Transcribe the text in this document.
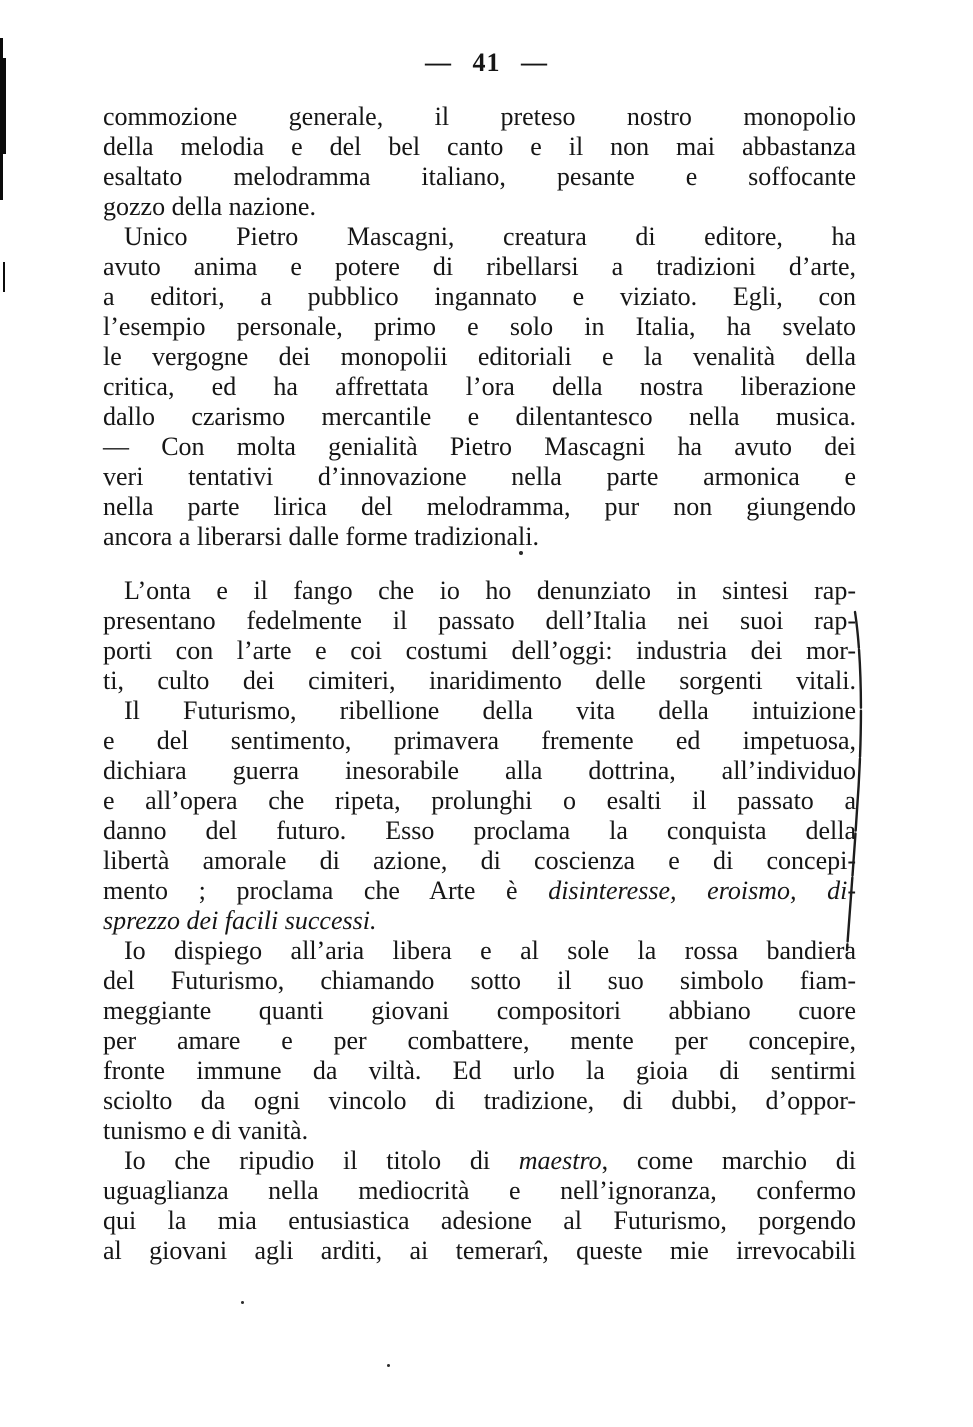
— 41 —
commozione generale, il preteso nostro monopolio
della melodia e del bel canto e il non mai abbastanza
esaltato melodramma italiano, pesante e soffocante
gozzo della nazione.
Unico Pietro Mascagni, creatura di editore, ha
avuto anima e potere di ribellarsi a tradizioni d’arte,
a editori, a pubblico ingannato e viziato. Egli, con
l’esempio personale, primo e solo in Italia, ha svelato
le vergogne dei monopolii editoriali e la venalità della
critica, ed ha affrettata l’ora della nostra liberazione
dallo czarismo mercantile e dilentantesco nella musica.
— Con molta genialità Pietro Mascagni ha avuto dei
veri tentativi d’innovazione nella parte armonica e
nella parte lirica del melodramma, pur non giungendo
ancora a liberarsi dalle forme tradizionali.
L’onta e il fango che io ho denunziato in sintesi rap-
presentano fedelmente il passato dell’Italia nei suoi rap-
porti con l’arte e coi costumi dell’oggi: industria dei mor-
ti, culto dei cimiteri, inaridimento delle sorgenti vitali.
Il Futurismo, ribellione della vita della intuizione
e del sentimento, primavera fremente ed impetuosa,
dichiara guerra inesorabile alla dottrina, all’individuo
e all’opera che ripeta, prolunghi o esalti il passato a
danno del futuro. Esso proclama la conquista della
libertà amorale di azione, di coscienza e di concepi-
mento ; proclama che Arte è disinteresse, eroismo, di-
sprezzo dei facili successi.
Io dispiego all’aria libera e al sole la rossa bandiera
del Futurismo, chiamando sotto il suo simbolo fiam-
meggiante quanti giovani compositori abbiano cuore
per amare e per combattere, mente per concepire,
fronte immune da viltà. Ed urlo la gioia di sentirmi
sciolto da ogni vincolo di tradizione, di dubbi, d’oppor-
tunismo e di vanità.
Io che ripudio il titolo di maestro, come marchio di
uguaglianza nella mediocrità e nell’ignoranza, confermo
qui la mia entusiastica adesione al Futurismo, porgendo
al giovani agli arditi, ai temerarî, queste mie irrevocabili
